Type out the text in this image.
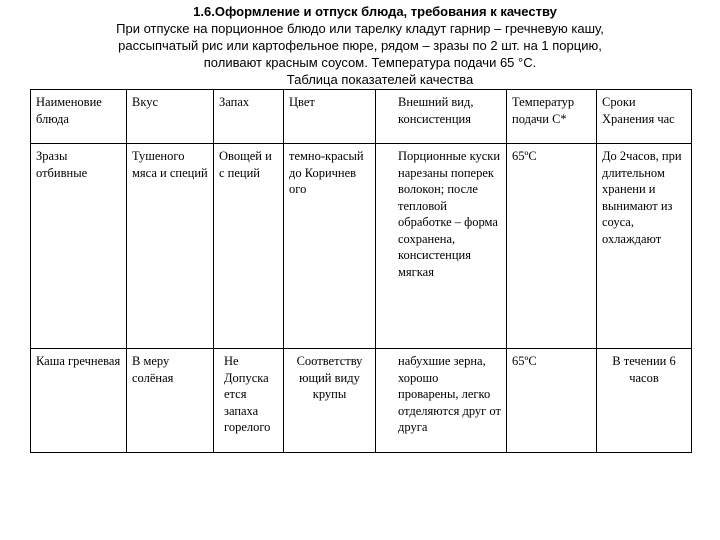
1.6.Оформление и отпуск блюда, требования к качеству
При отпуске на порционное блюдо или тарелку кладут гарнир – гречневую кашу,
рассыпчатый рис или картофельное пюре, рядом – зразы по 2 шт. на 1 порцию,
поливают красным соусом. Температура подачи 65 °С.
Таблица показателей качества
Наименовие блюда	Вкус	Запах	Цвет	Внешний вид, консистенция	Температур подачи С*	Сроки Хранения час
Зразы отбивные	Тушеного мяса и специй	Овощей и с пеций	темно-красый до Коричнев ого	Порционные куски нарезаны поперек волокон; после тепловой обработке – форма сохранена, консистенция мягкая	65ºС	До 2часов, при длительном хранени и вынимают из соуса, охлаждают
Каша гречневая	В меру солёная	Не Допуска ется запаха горелого	Соответству ющий виду крупы	набухшие зерна, хорошо проварены, легко отделяются друг от друга	65ºС	В течении 6 часов
